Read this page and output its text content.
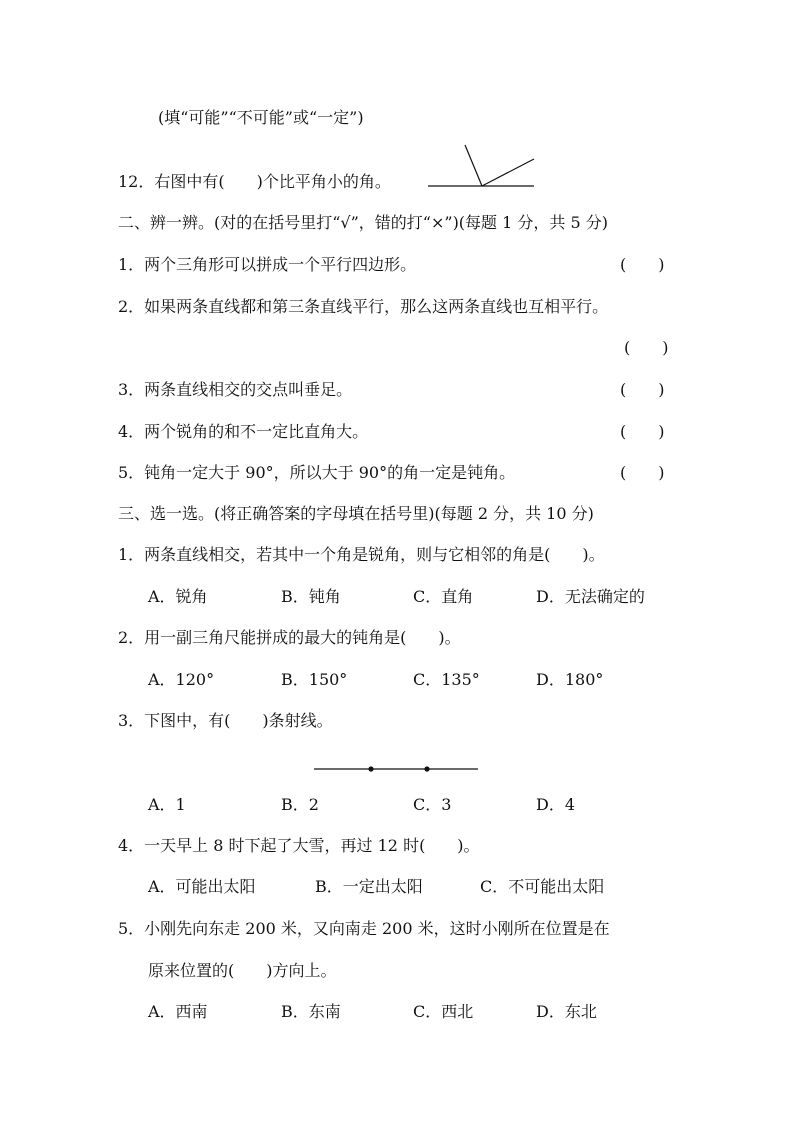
(填“可能”“不可能”或“一定”)
12．右图中有(　　)个比平角小的角。
二、辨一辨。(对的在括号里打“√”，错的打“×”)(每题 1 分，共 5 分)
1．两个三角形可以拼成一个平行四边形。	(　　)
2．如果两条直线都和第三条直线平行，那么这两条直线也互相平行。
(　　)
3．两条直线相交的交点叫垂足。	(　　)
4．两个锐角的和不一定比直角大。	(　　)
5．钝角一定大于 90°，所以大于 90°的角一定是钝角。	(　　)
三、选一选。(将正确答案的字母填在括号里)(每题 2 分，共 10 分)
1．两条直线相交，若其中一个角是锐角，则与它相邻的角是(　　)。
A．锐角	B．钝角	C．直角	D．无法确定的
2．用一副三角尺能拼成的最大的钝角是(　　)。
A．120°	B．150°	C．135°	D．180°
3．下图中，有(　　)条射线。
A．1	B．2	C．3	D．4
4．一天早上 8 时下起了大雪，再过 12 时(　　)。
A．可能出太阳	B．一定出太阳	C．不可能出太阳
5．小刚先向东走 200 米，又向南走 200 米，这时小刚所在位置是在
原来位置的(　　)方向上。
A．西南	B．东南	C．西北	D．东北
